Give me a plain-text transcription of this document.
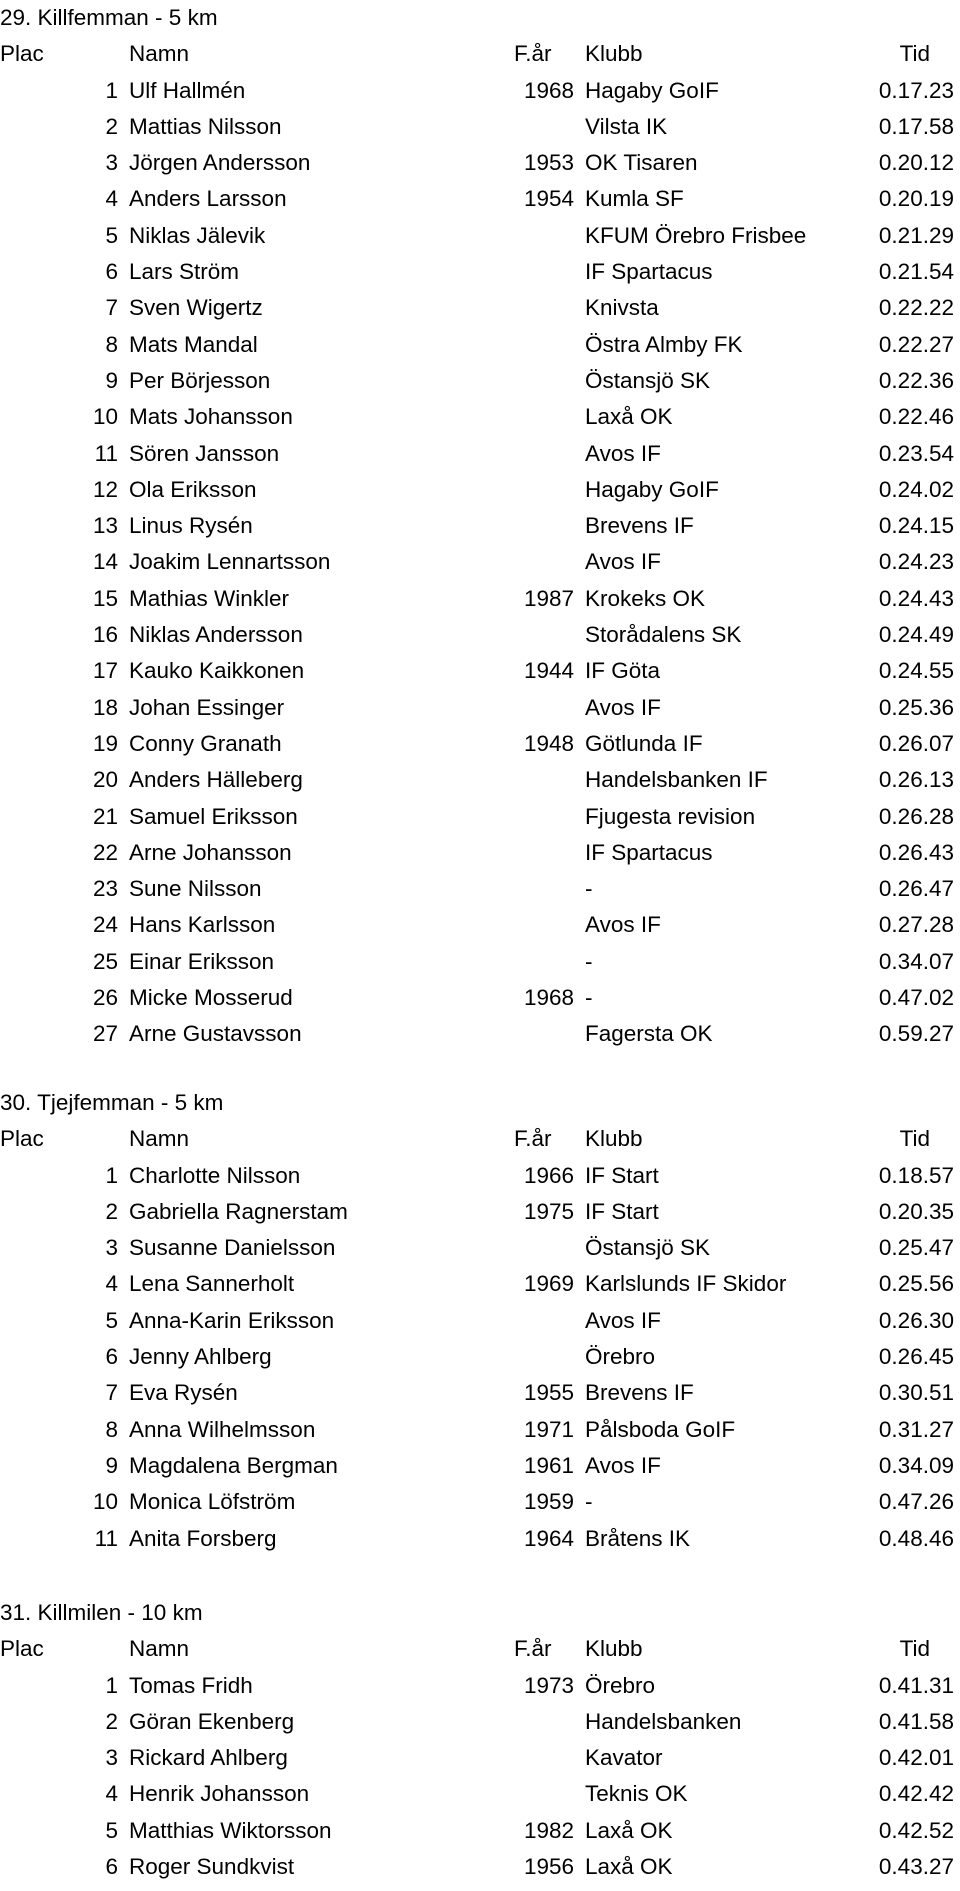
29. Killfemman - 5 km
Plac	Namn	F.år Klubb	Tid
1 Ulf Hallmén	1968 Hagaby GoIF	0.17.23
2 Mattias Nilsson	Vilsta IK	0.17.58
3 Jörgen Andersson	1953 OK Tisaren	0.20.12
4 Anders Larsson	1954 Kumla SF	0.20.19
5 Niklas Jälevik	KFUM Örebro Frisbee	0.21.29
6 Lars Ström	IF Spartacus	0.21.54
7 Sven Wigertz	Knivsta	0.22.22
8 Mats Mandal	Östra Almby FK	0.22.27
9 Per Börjesson	Östansjö SK	0.22.36
10 Mats Johansson	Laxå OK	0.22.46
11 Sören Jansson	Avos IF	0.23.54
12 Ola Eriksson	Hagaby GoIF	0.24.02
13 Linus Rysén	Brevens IF	0.24.15
14 Joakim Lennartsson	Avos IF	0.24.23
15 Mathias Winkler	1987 Krokeks OK	0.24.43
16 Niklas Andersson	Storådalens SK	0.24.49
17 Kauko Kaikkonen	1944 IF Göta	0.24.55
18 Johan Essinger	Avos IF	0.25.36
19 Conny Granath	1948 Götlunda IF	0.26.07
20 Anders Hälleberg	Handelsbanken IF	0.26.13
21 Samuel Eriksson	Fjugesta revision	0.26.28
22 Arne Johansson	IF Spartacus	0.26.43
23 Sune Nilsson	-	0.26.47
24 Hans Karlsson	Avos IF	0.27.28
25 Einar Eriksson	-	0.34.07
26 Micke Mosserud	1968 -	0.47.02
27 Arne Gustavsson	Fagersta OK	0.59.27
30. Tjejfemman - 5 km
Plac	Namn	F.år Klubb	Tid
1 Charlotte Nilsson	1966 IF Start	0.18.57
2 Gabriella Ragnerstam	1975 IF Start	0.20.35
3 Susanne Danielsson	Östansjö SK	0.25.47
4 Lena Sannerholt	1969 Karlslunds IF Skidor	0.25.56
5 Anna-Karin Eriksson	Avos IF	0.26.30
6 Jenny Ahlberg	Örebro	0.26.45
7 Eva Rysén	1955 Brevens IF	0.30.51
8 Anna Wilhelmsson	1971 Pålsboda GoIF	0.31.27
9 Magdalena Bergman	1961 Avos IF	0.34.09
10 Monica Löfström	1959 -	0.47.26
11 Anita Forsberg	1964 Bråtens IK	0.48.46
31. Killmilen - 10 km
Plac	Namn	F.år Klubb	Tid
1 Tomas Fridh	1973 Örebro	0.41.31
2 Göran Ekenberg	Handelsbanken	0.41.58
3 Rickard Ahlberg	Kavator	0.42.01
4 Henrik Johansson	Teknis OK	0.42.42
5 Matthias Wiktorsson	1982 Laxå OK	0.42.52
6 Roger Sundkvist	1956 Laxå OK	0.43.27
